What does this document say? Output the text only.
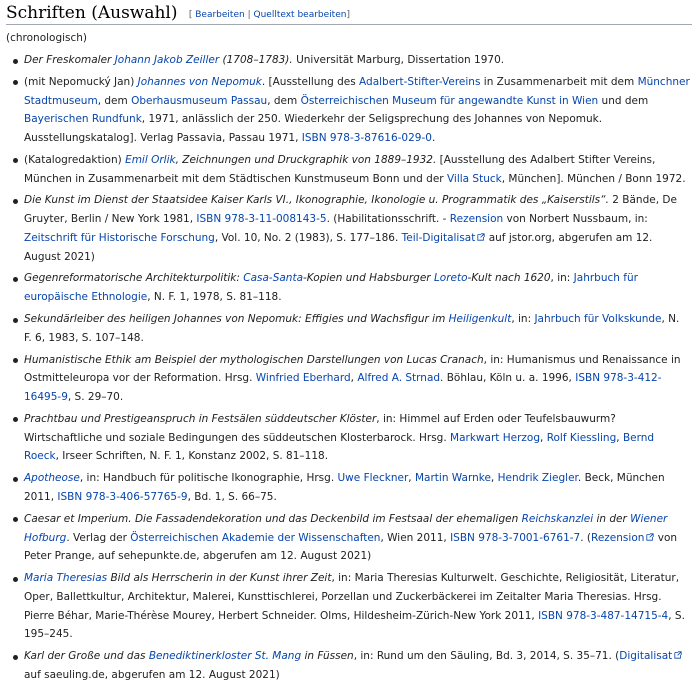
Schriften (Auswahl) [ Bearbeiten | Quelltext bearbeiten]
(chronologisch)
Der Freskomaler Johann Jakob Zeiller (1708–1783). Universität Marburg, Dissertation 1970.
(mit Nepomucký Jan) Johannes von Nepomuk. [Ausstellung des Adalbert-Stifter-Vereins in Zusammenarbeit mit dem Münchner Stadtmuseum, dem Oberhausmuseum Passau, dem Österreichischen Museum für angewandte Kunst in Wien und dem Bayerischen Rundfunk, 1971, anlässlich der 250. Wiederkehr der Seligsprechung des Johannes von Nepomuk. Ausstellungskatalog]. Verlag Passavia, Passau 1971, ISBN 978-3-87616-029-0.
(Katalogredaktion) Emil Orlik, Zeichnungen und Druckgraphik von 1889–1932. [Ausstellung des Adalbert Stifter Vereins, München in Zusammenarbeit mit dem Städtischen Kunstmuseum Bonn und der Villa Stuck, München]. München / Bonn 1972.
Die Kunst im Dienst der Staatsidee Kaiser Karls VI., Ikonographie, Ikonologie u. Programmatik des „Kaiserstils“. 2 Bände, De Gruyter, Berlin / New York 1981, ISBN 978-3-11-008143-5. (Habilitationsschrift. - Rezension von Norbert Nussbaum, in: Zeitschrift für Historische Forschung, Vol. 10, No. 2 (1983), S. 177–186. Teil-Digitalisat auf jstor.org, abgerufen am 12. August 2021)
Gegenreformatorische Architekturpolitik: Casa-Santa-Kopien und Habsburger Loreto-Kult nach 1620, in: Jahrbuch für europäische Ethnologie, N. F. 1, 1978, S. 81–118.
Sekundärleiber des heiligen Johannes von Nepomuk: Effigies und Wachsfigur im Heiligenkult, in: Jahrbuch für Volkskunde, N. F. 6, 1983, S. 107–148.
Humanistische Ethik am Beispiel der mythologischen Darstellungen von Lucas Cranach, in: Humanismus und Renaissance in Ostmitteleuropa vor der Reformation. Hrsg. Winfried Eberhard, Alfred A. Strnad. Böhlau, Köln u. a. 1996, ISBN 978-3-412-16495-9, S. 29–70.
Prachtbau und Prestigeanspruch in Festsälen süddeutscher Klöster, in: Himmel auf Erden oder Teufelsbauwurm? Wirtschaftliche und soziale Bedingungen des süddeutschen Klosterbarock. Hrsg. Markwart Herzog, Rolf Kiessling, Bernd Roeck, Irseer Schriften, N. F. 1, Konstanz 2002, S. 81–118.
Apotheose, in: Handbuch für politische Ikonographie, Hrsg. Uwe Fleckner, Martin Warnke, Hendrik Ziegler. Beck, München 2011, ISBN 978-3-406-57765-9, Bd. 1, S. 66–75.
Caesar et Imperium. Die Fassadendekoration und das Deckenbild im Festsaal der ehemaligen Reichskanzlei in der Wiener Hofburg. Verlag der Österreichischen Akademie der Wissenschaften, Wien 2011, ISBN 978-3-7001-6761-7. (Rezension von Peter Prange, auf sehepunkte.de, abgerufen am 12. August 2021)
Maria Theresias Bild als Herrscherin in der Kunst ihrer Zeit, in: Maria Theresias Kulturwelt. Geschichte, Religiosität, Literatur, Oper, Ballettkultur, Architektur, Malerei, Kunsttischlerei, Porzellan und Zuckerbäckerei im Zeitalter Maria Theresias. Hrsg. Pierre Béhar, Marie-Thérèse Mourey, Herbert Schneider. Olms, Hildesheim-Zürich-New York 2011, ISBN 978-3-487-14715-4, S. 195–245.
Karl der Große und das Benediktinerkloster St. Mang in Füssen, in: Rund um den Säuling, Bd. 3, 2014, S. 35–71. (Digitalisat auf saeuling.de, abgerufen am 12. August 2021)
